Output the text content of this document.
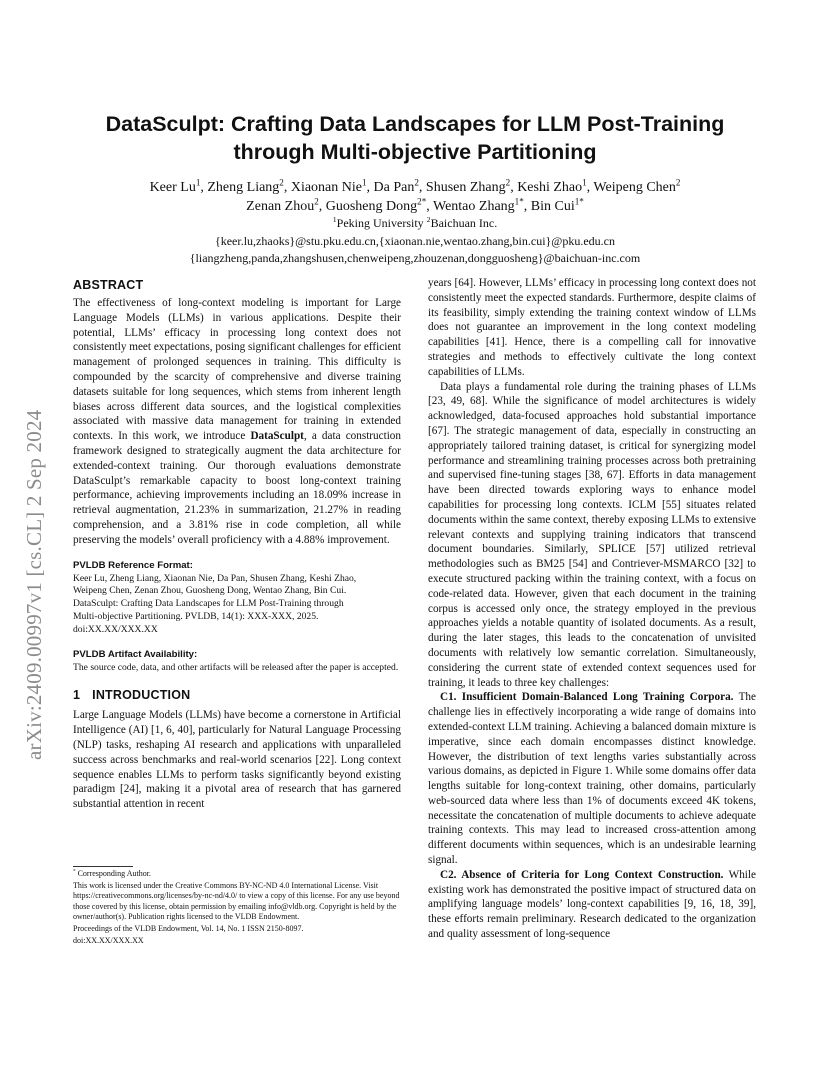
arXiv:2409.00997v1 [cs.CL] 2 Sep 2024
DataSculpt: Crafting Data Landscapes for LLM Post-Training
through Multi-objective Partitioning
Keer Lu$^1$, Zheng Liang$^2$, Xiaonan Nie$^1$, Da Pan$^2$, Shusen Zhang$^2$, Keshi Zhao$^1$, Weipeng Chen$^2$
Zenan Zhou$^2$, Guosheng Dong$^{2*}$, Wentao Zhang$^{1*}$, Bin Cui$^{1*}$
$^1$Peking University $^2$Baichuan Inc.
{keer.lu,zhaoks}@stu.pku.edu.cn,{xiaonan.nie,wentao.zhang,bin.cui}@pku.edu.cn
{liangzheng,panda,zhangshusen,chenweipeng,zhouzenan,dongguosheng}@baichuan-inc.com
ABSTRACT

The effectiveness of long-context modeling is important for Large Language Models (LLMs) in various applications. Despite their potential, LLMs’ efficacy in processing long context does not consistently meet expectations, posing significant challenges for efficient management of prolonged sequences in training. This difficulty is compounded by the scarcity of comprehensive and diverse training datasets suitable for long sequences, which stems from inherent length biases across different data sources, and the logistical complexities associated with massive data management for training in extended contexts. In this work, we introduce DataSculpt, a data construction framework designed to strategically augment the data architecture for extended-context training. Our thorough evaluations demonstrate DataSculpt’s remarkable capacity to boost long-context training performance, achieving improvements including an 18.09% increase in retrieval augmentation, 21.23% in summarization, 21.27% in reading comprehension, and a 3.81% rise in code completion, all while preserving the models’ overall proficiency with a 4.88% improvement.

PVLDB Reference Format:
Keer Lu, Zheng Liang, Xiaonan Nie, Da Pan, Shusen Zhang, Keshi Zhao,
Weipeng Chen, Zenan Zhou, Guosheng Dong, Wentao Zhang, Bin Cui.
DataSculpt: Crafting Data Landscapes for LLM Post-Training through
Multi-objective Partitioning. PVLDB, 14(1): XXX-XXX, 2025.
doi:XX.XX/XXX.XX
PVLDB Artifact Availability:

The source code, data, and other artifacts will be released after the paper is accepted.

1 INTRODUCTION

Large Language Models (LLMs) have become a cornerstone in Artificial Intelligence (AI) [1, 6, 40], particularly for Natural Language Processing (NLP) tasks, reshaping AI research and applications with unparalleled success across benchmarks and real-world scenarios [22]. Long context sequence enables LLMs to perform tasks significantly beyond existing paradigm [24], making it a pivotal area of research that has garnered substantial attention in recent

* Corresponding Author.

This work is licensed under the Creative Commons BY-NC-ND 4.0 International License. Visit https://creativecommons.org/licenses/by-nc-nd/4.0/ to view a copy of this license. For any use beyond those covered by this license, obtain permission by emailing info@vldb.org. Copyright is held by the owner/author(s). Publication rights licensed to the VLDB Endowment.

Proceedings of the VLDB Endowment, Vol. 14, No. 1 ISSN 2150-8097.

doi:XX.XX/XXX.XX

years [64]. However, LLMs’ efficacy in processing long context does not consistently meet the expected standards. Furthermore, despite claims of its feasibility, simply extending the training context window of LLMs does not guarantee an improvement in the long context modeling capabilities [41]. Hence, there is a compelling call for innovative strategies and methods to effectively cultivate the long context capabilities of LLMs.

Data plays a fundamental role during the training phases of LLMs [23, 49, 68]. While the significance of model architectures is widely acknowledged, data-focused approaches hold substantial importance [67]. The strategic management of data, especially in constructing an appropriately tailored training dataset, is critical for synergizing model performance and streamlining training processes across both pretraining and supervised fine-tuning stages [38, 67]. Efforts in data management have been directed towards exploring ways to enhance model capabilities for processing long contexts. ICLM [55] situates related documents within the same context, thereby exposing LLMs to extensive relevant contexts and supplying training indicators that transcend document boundaries. Similarly, SPLICE [57] utilized retrieval methodologies such as BM25 [54] and Contriever-MSMARCO [32] to execute structured packing within the training context, with a focus on code-related data. However, given that each document in the training corpus is accessed only once, the strategy employed in the previous approaches yields a notable quantity of isolated documents. As a result, during the later stages, this leads to the concatenation of unvisited documents with relatively low semantic correlation. Simultaneously, considering the current state of extended context sequences used for training, it leads to three key challenges:

C1. Insufficient Domain-Balanced Long Training Corpora. The challenge lies in effectively incorporating a wide range of domains into extended-context LLM training. Achieving a balanced domain mixture is imperative, since each domain encompasses distinct knowledge. However, the distribution of text lengths varies substantially across various domains, as depicted in Figure 1. While some domains offer data lengths suitable for long-context training, other domains, particularly web-sourced data where less than 1% of documents exceed 4K tokens, necessitate the concatenation of multiple documents to achieve adequate training contexts. This may lead to increased cross-attention among different documents within sequences, which is an undesirable learning signal.

C2. Absence of Criteria for Long Context Construction. While existing work has demonstrated the positive impact of structured data on amplifying language models’ long-context capabilities [9, 16, 18, 39], these efforts remain preliminary. Research dedicated to the organization and quality assessment of long-sequence
